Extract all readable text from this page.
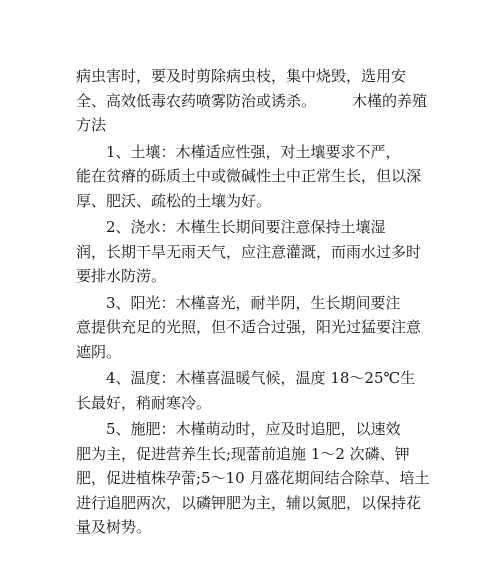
病虫害时，要及时剪除病虫枝，集中烧毁，选用安
全、高效低毒农药喷雾防治或诱杀。 木槿的养殖
方法
1、土壤：木槿适应性强，对土壤要求不严，
能在贫瘠的砾质土中或微碱性土中正常生长，但以深
厚、肥沃、疏松的土壤为好。
2、浇水：木槿生长期间要注意保持土壤湿
润，长期干旱无雨天气，应注意灌溉，而雨水过多时
要排水防涝。
3、阳光：木槿喜光，耐半阴，生长期间要注
意提供充足的光照，但不适合过强，阳光过猛要注意
遮阴。
4、温度：木槿喜温暖气候，温度 18～25℃生
长最好，稍耐寒冷。
5、施肥：木槿萌动时，应及时追肥，以速效
肥为主，促进营养生长;现蕾前追施 1～2 次磷、钾
肥，促进植株孕蕾;5～10 月盛花期间结合除草、培土
进行追肥两次，以磷钾肥为主，辅以氮肥，以保持花
量及树势。
